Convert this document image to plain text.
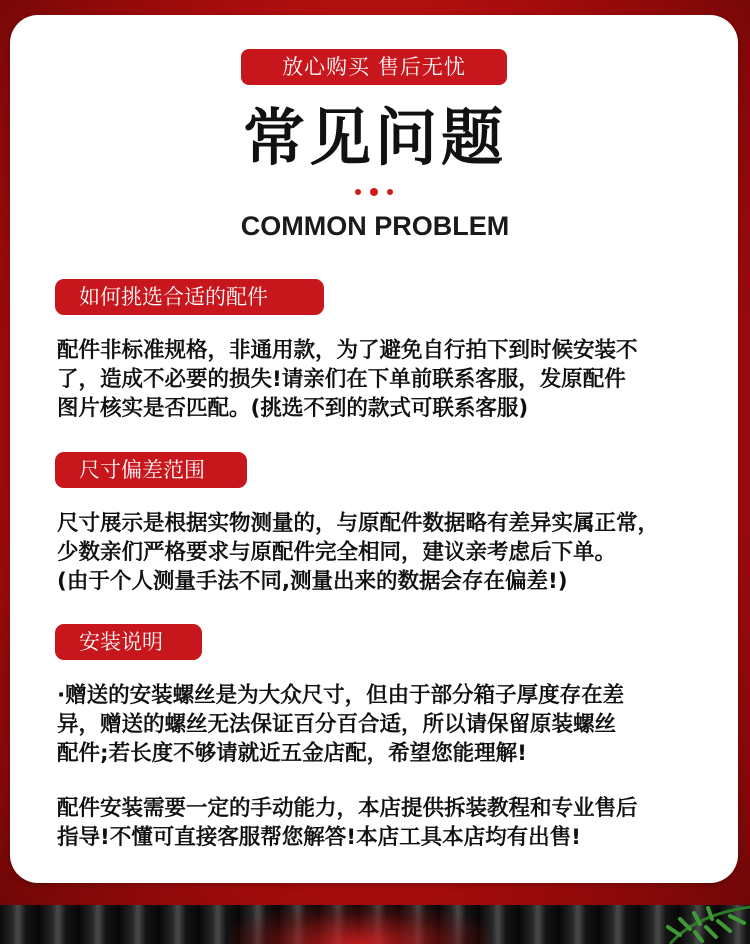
放心购买 售后无忧
常见问题
COMMON PROBLEM
如何挑选合适的配件

配件非标准规格，非通用款，为了避免自行拍下到时候安装不

了，造成不必要的损失!请亲们在下单前联系客服，发原配件

图片核实是否匹配。(挑选不到的款式可联系客服)

尺寸偏差范围

尺寸展示是根据实物测量的，与原配件数据略有差异实属正常，

少数亲们严格要求与原配件完全相同，建议亲考虑后下单。

(由于个人测量手法不同,测量出来的数据会存在偏差!)

安装说明

·赠送的安装螺丝是为大众尺寸，但由于部分箱子厚度存在差

异，赠送的螺丝无法保证百分百合适，所以请保留原装螺丝

配件;若长度不够请就近五金店配，希望您能理解!

配件安装需要一定的手动能力，本店提供拆装教程和专业售后

指导!不懂可直接客服帮您解答!本店工具本店均有出售!
